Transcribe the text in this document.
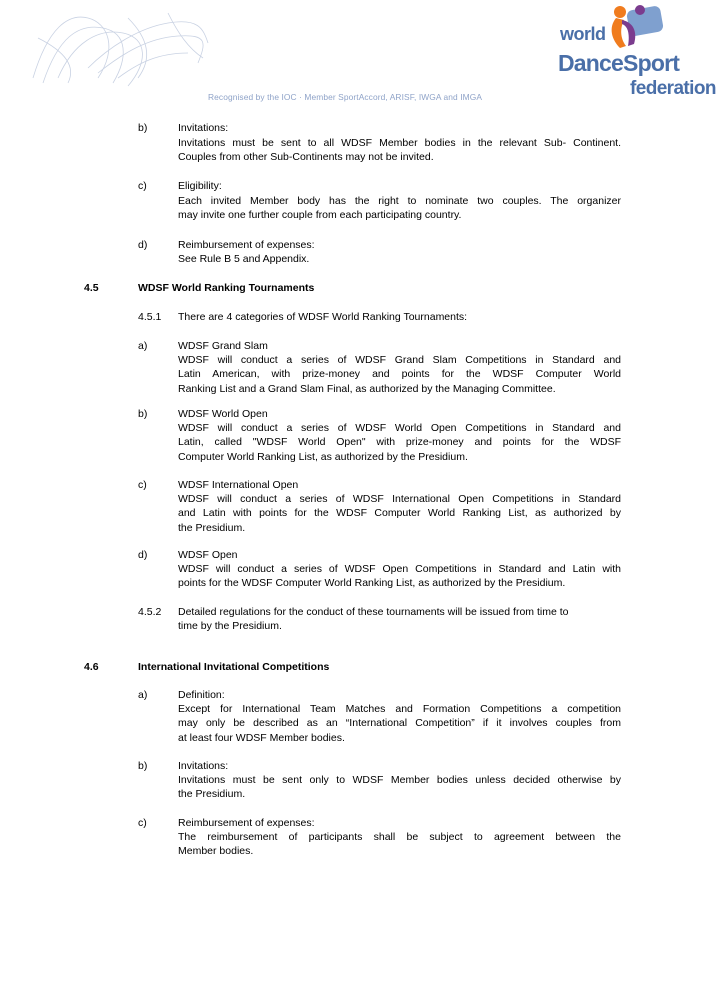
Recognised by the IOC · Member SportAccord, ARISF, IWGA and IMGA
world
DanceSport
federation
b)	Invitations:
Invitations must be sent to all WDSF Member bodies in the relevant Sub- Continent.
Couples from other Sub-Continents may not be invited.
c)	Eligibility:
Each invited Member body has the right to nominate two couples. The organizer
may invite one further couple from each participating country.
d)	Reimbursement of expenses:
See Rule B 5 and Appendix.
4.5	WDSF World Ranking Tournaments
4.5.1 There are 4 categories of WDSF World Ranking Tournaments:
a)	WDSF Grand Slam
WDSF will conduct a series of WDSF Grand Slam Competitions in Standard and
Latin American, with prize-money and points for the WDSF Computer World
Ranking List and a Grand Slam Final, as authorized by the Managing Committee.
b)	WDSF World Open
WDSF will conduct a series of WDSF World Open Competitions in Standard and
Latin, called "WDSF World Open" with prize-money and points for the WDSF
Computer World Ranking List, as authorized by the Presidium.
c)	WDSF International Open
WDSF will conduct a series of WDSF International Open Competitions in Standard
and Latin with points for the WDSF Computer World Ranking List, as authorized by
the Presidium.
d)	WDSF Open
WDSF will conduct a series of WDSF Open Competitions in Standard and Latin with
points for the WDSF Computer World Ranking List, as authorized by the Presidium.
4.5.2 Detailed regulations for the conduct of these tournaments will be issued from time to
time by the Presidium.
4.6	International Invitational Competitions
a)	Definition:
Except for International Team Matches and Formation Competitions a competition
may only be described as an “International Competition” if it involves couples from
at least four WDSF Member bodies.
b)	Invitations:
Invitations must be sent only to WDSF Member bodies unless decided otherwise by
the Presidium.
c)	Reimbursement of expenses:
The reimbursement of participants shall be subject to agreement between the
Member bodies.
